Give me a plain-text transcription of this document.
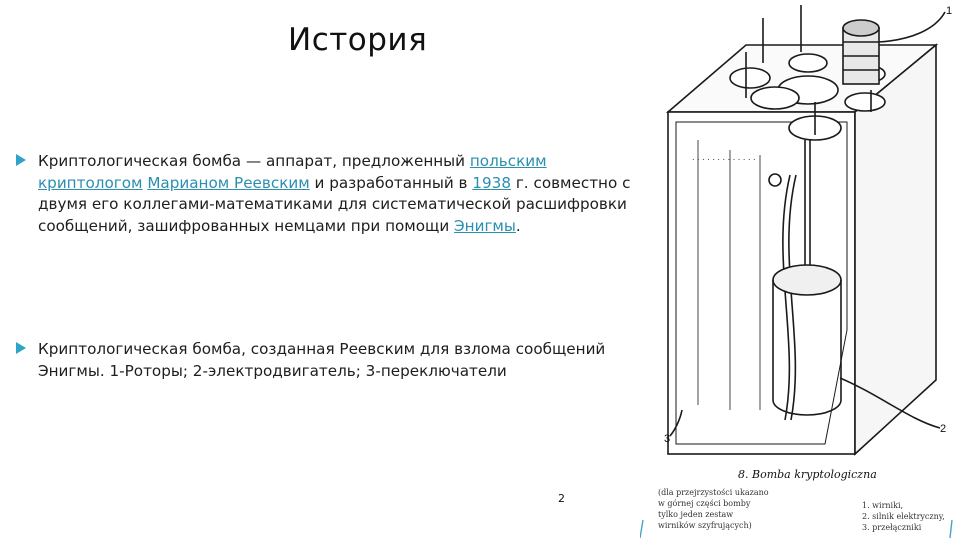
История

Криптологическая бомба — аппарат, предложенный польским криптологом Марианом Реевским и разработанный в 1938 г. совместно с двумя его коллегами-математиками для систематической расшифровки сообщений, зашифрованных немцами при помощи Энигмы.

Криптологическая бомба, созданная Реевским для взлома сообщений Энигмы. 1-Роторы; 2-электродвигатель; 3-переключатели

2
. . . . . . . . . . . . .
1
2
3
8. Bomba kryptologiczna
(dla przejrzystości ukazano
w górnej części bomby
tylko jeden zestaw
wirników szyfrujących)
1. wirniki,
2. silnik elektryczny,
3. przełączniki
